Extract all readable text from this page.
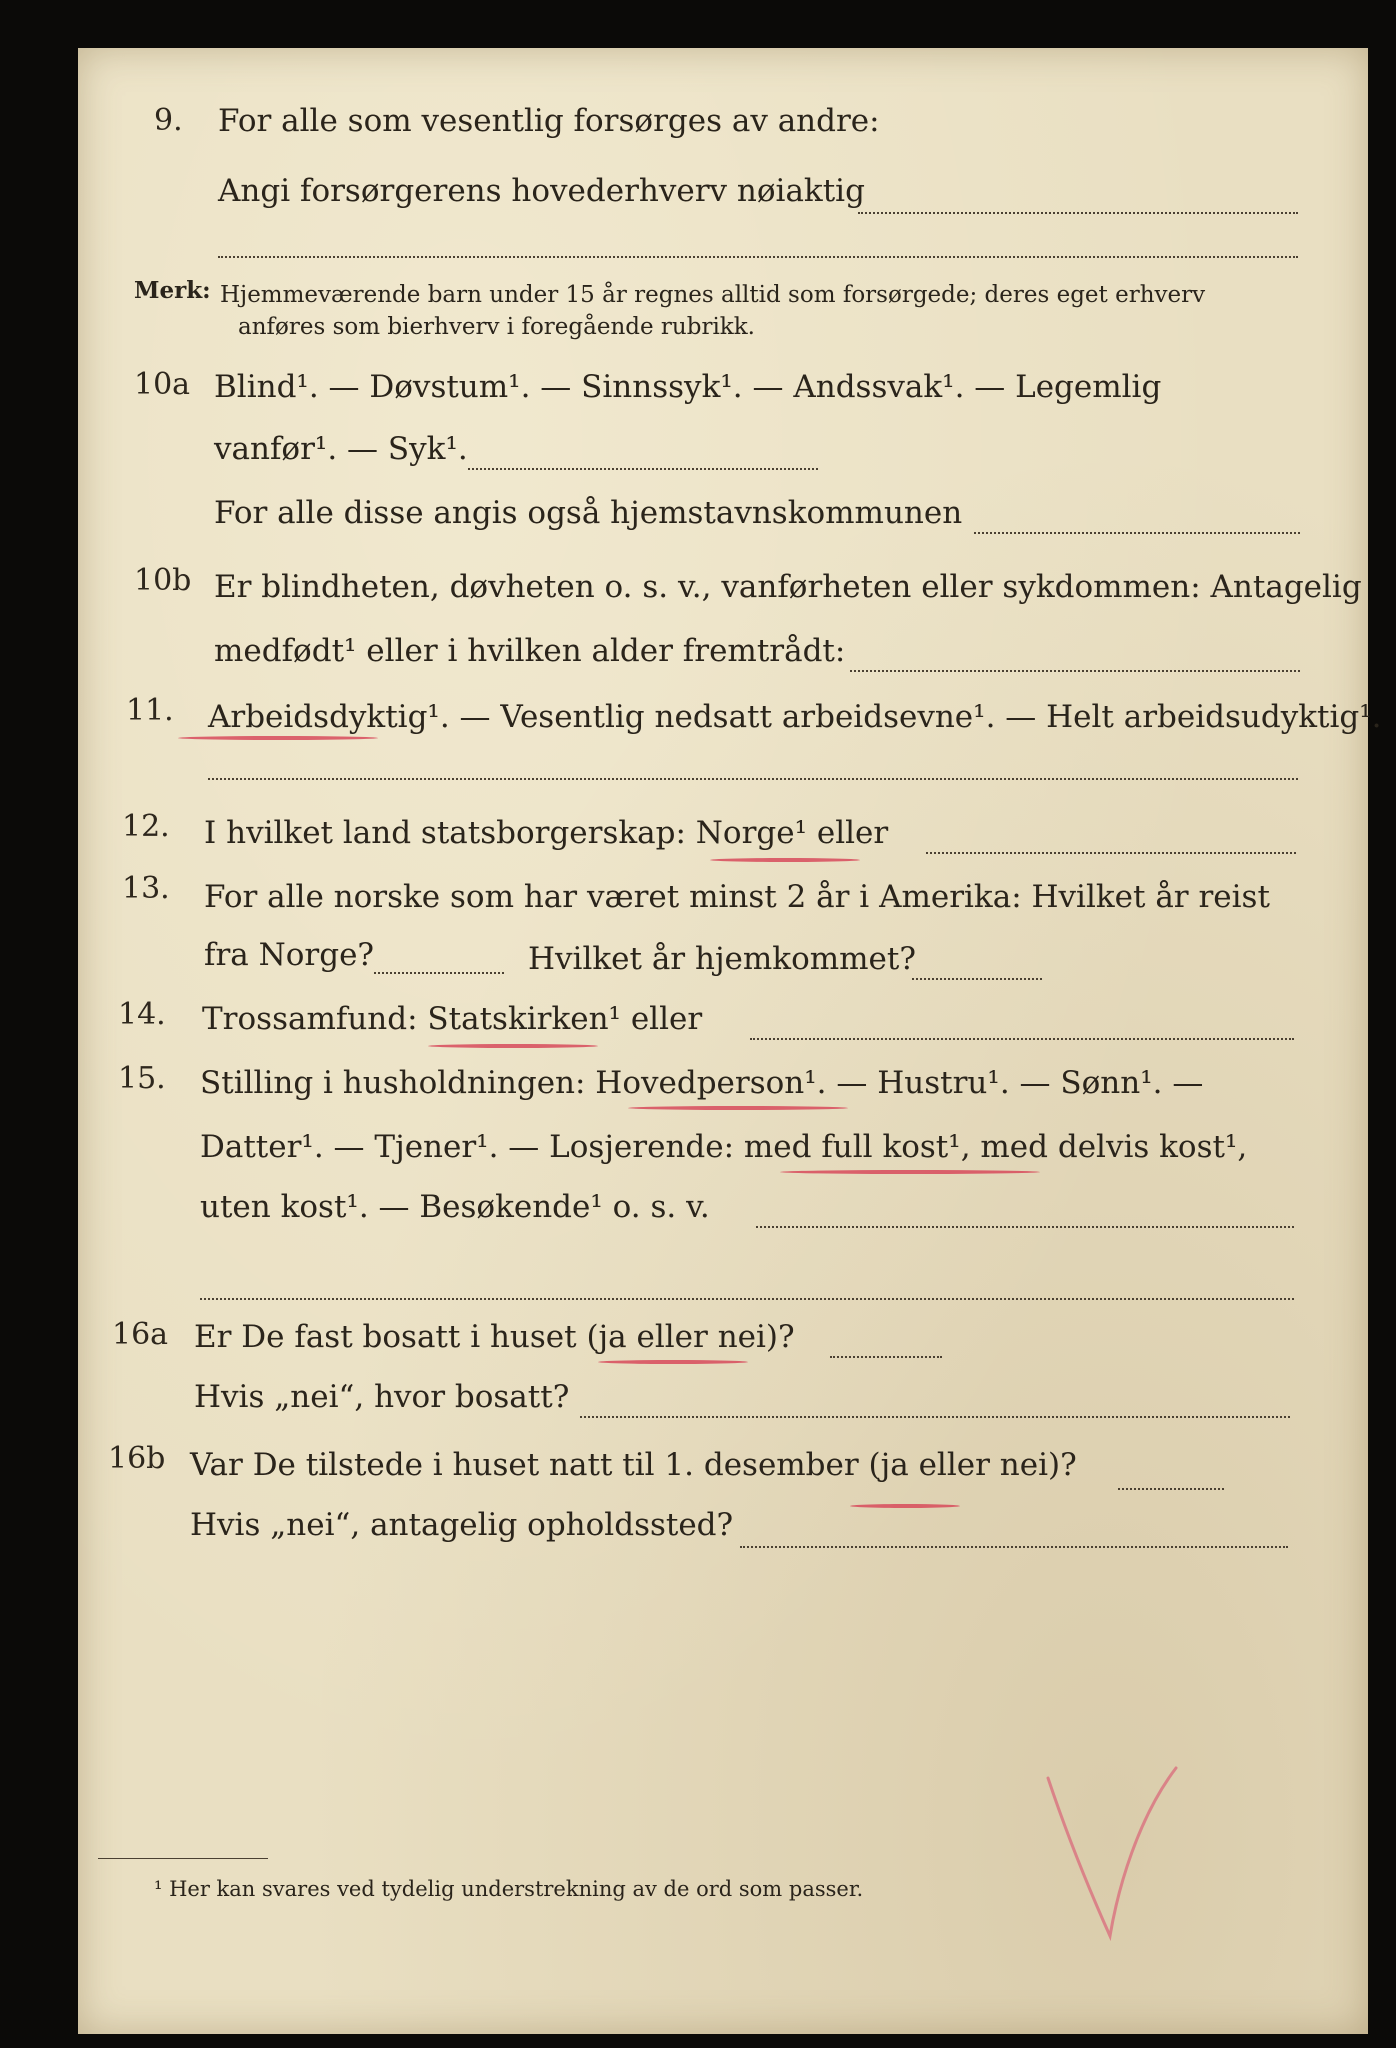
9. For alle som vesentlig forsørges av andre:
Angi forsørgerens hovederhverv nøiaktig
Merk: Hjemmeværende barn under 15 år regnes alltid som forsørgede; deres eget erhverv
anføres som bierhverv i foregående rubrikk.
10a Blind¹. — Døvstum¹. — Sinnssyk¹. — Andssvak¹. — Legemlig
vanfør¹. — Syk¹.
For alle disse angis også hjemstavnskommunen
10b Er blindheten, døvheten o. s. v., vanførheten eller sykdommen: Antagelig
medfødt¹ eller i hvilken alder fremtrådt:
11. Arbeidsdyktig¹. — Vesentlig nedsatt arbeidsevne¹. — Helt arbeidsudyktig¹.
12. I hvilket land statsborgerskap: Norge¹ eller
13. For alle norske som har været minst 2 år i Amerika: Hvilket år reist
fra Norge?	Hvilket år hjemkommet?
14. Trossamfund: Statskirken¹ eller
15. Stilling i husholdningen: Hovedperson¹. — Hustru¹. — Sønn¹. —
Datter¹. — Tjener¹. — Losjerende: med full kost¹, med delvis kost¹,
uten kost¹. — Besøkende¹ o. s. v.
16a Er De fast bosatt i huset (ja eller nei)?
Hvis „nei“, hvor bosatt?
16b Var De tilstede i huset natt til 1. desember (ja eller nei)?
Hvis „nei“, antagelig opholdssted?
¹ Her kan svares ved tydelig understrekning av de ord som passer.
